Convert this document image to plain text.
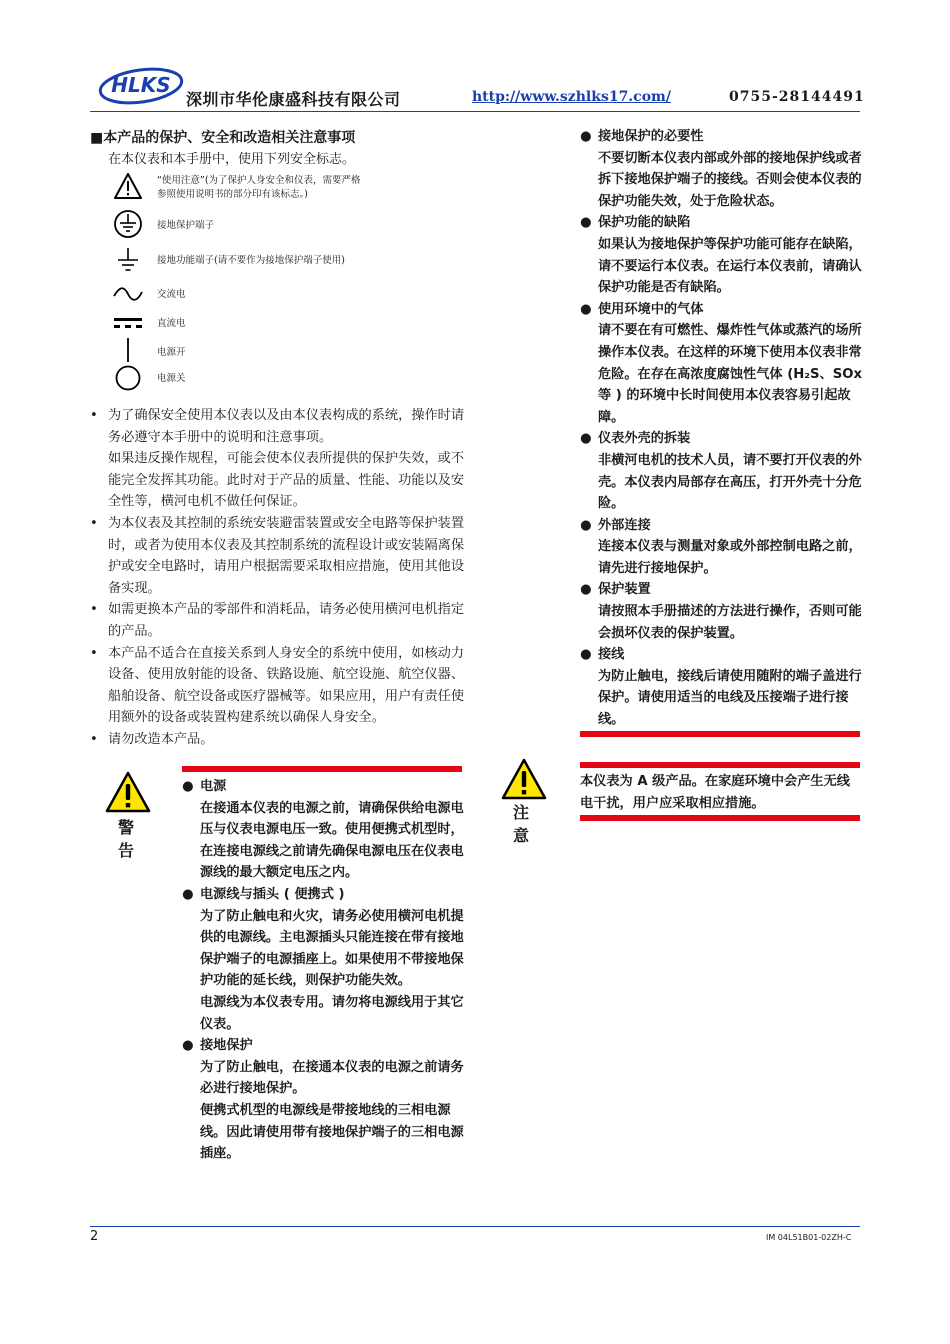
HLKS
深圳市华伦康盛科技有限公司	http://www.szhlks17.com/	0755-28144491
■本产品的保护、安全和改造相关注意事项
在本仪表和本手册中，使用下列安全标志。
“使用注意”(为了保护人身安全和仪表，需要严格
参照使用说明书的部分印有该标志。)
接地保护端子
接地功能端子(请不要作为接地保护端子使用)
交流电
直流电
电源开
电源关

• 为了确保安全使用本仪表以及由本仪表构成的系统，操作时请务必遵守本手册中的说明和注意事项。

如果违反操作规程，可能会使本仪表所提供的保护失效，或不能完全发挥其功能。此时对于产品的质量、性能、功能以及安全性等，横河电机不做任何保证。

• 为本仪表及其控制的系统安装避雷装置或安全电路等保护装置时，或者为使用本仪表及其控制系统的流程设计或安装隔离保护或安全电路时，请用户根据需要采取相应措施，使用其他设备实现。

• 如需更换本产品的零部件和消耗品，请务必使用横河电机指定的产品。

• 本产品不适合在直接关系到人身安全的系统中使用，如核动力设备、使用放射能的设备、铁路设施、航空设施、航空仪器、船舶设备、航空设备或医疗器械等。如果应用，用户有责任使用额外的设备或装置构建系统以确保人身安全。

• 请勿改造本产品。

警 告
● 电源

在接通本仪表的电源之前，请确保供给电源电压与仪表电源电压一致。使用便携式机型时，在连接电源线之前请先确保电源电压在仪表电源线的最大额定电压之内。

● 电源线与插头 ( 便携式 )

为了防止触电和火灾，请务必使用横河电机提供的电源线。主电源插头只能连接在带有接地保护端子的电源插座上。如果使用不带接地保护功能的延长线，则保护功能失效。

电源线为本仪表专用。请勿将电源线用于其它仪表。

● 接地保护

为了防止触电，在接通本仪表的电源之前请务必进行接地保护。

便携式机型的电源线是带接地线的三相电源线。因此请使用带有接地保护端子的三相电源插座。

● 接地保护的必要性

不要切断本仪表内部或外部的接地保护线或者拆下接地保护端子的接线。否则会使本仪表的保护功能失效，处于危险状态。

● 保护功能的缺陷

如果认为接地保护等保护功能可能存在缺陷，请不要运行本仪表。在运行本仪表前，请确认保护功能是否有缺陷。

● 使用环境中的气体

请不要在有可燃性、爆炸性气体或蒸汽的场所操作本仪表。在这样的环境下使用本仪表非常危险。在存在高浓度腐蚀性气体 (H₂S、SOx 等 ) 的环境中长时间使用本仪表容易引起故障。

● 仪表外壳的拆装

非横河电机的技术人员，请不要打开仪表的外壳。本仪表内局部存在高压，打开外壳十分危险。

● 外部连接

连接本仪表与测量对象或外部控制电路之前，请先进行接地保护。

● 保护装置

请按照本手册描述的方法进行操作，否则可能会损坏仪表的保护装置。

● 接线

为防止触电，接线后请使用随附的端子盖进行保护。请使用适当的电线及压接端子进行接线。

注 意
本仪表为 A 级产品。在家庭环境中会产生无线电干扰，用户应采取相应措施。
2	IM 04L51B01-02ZH-C
